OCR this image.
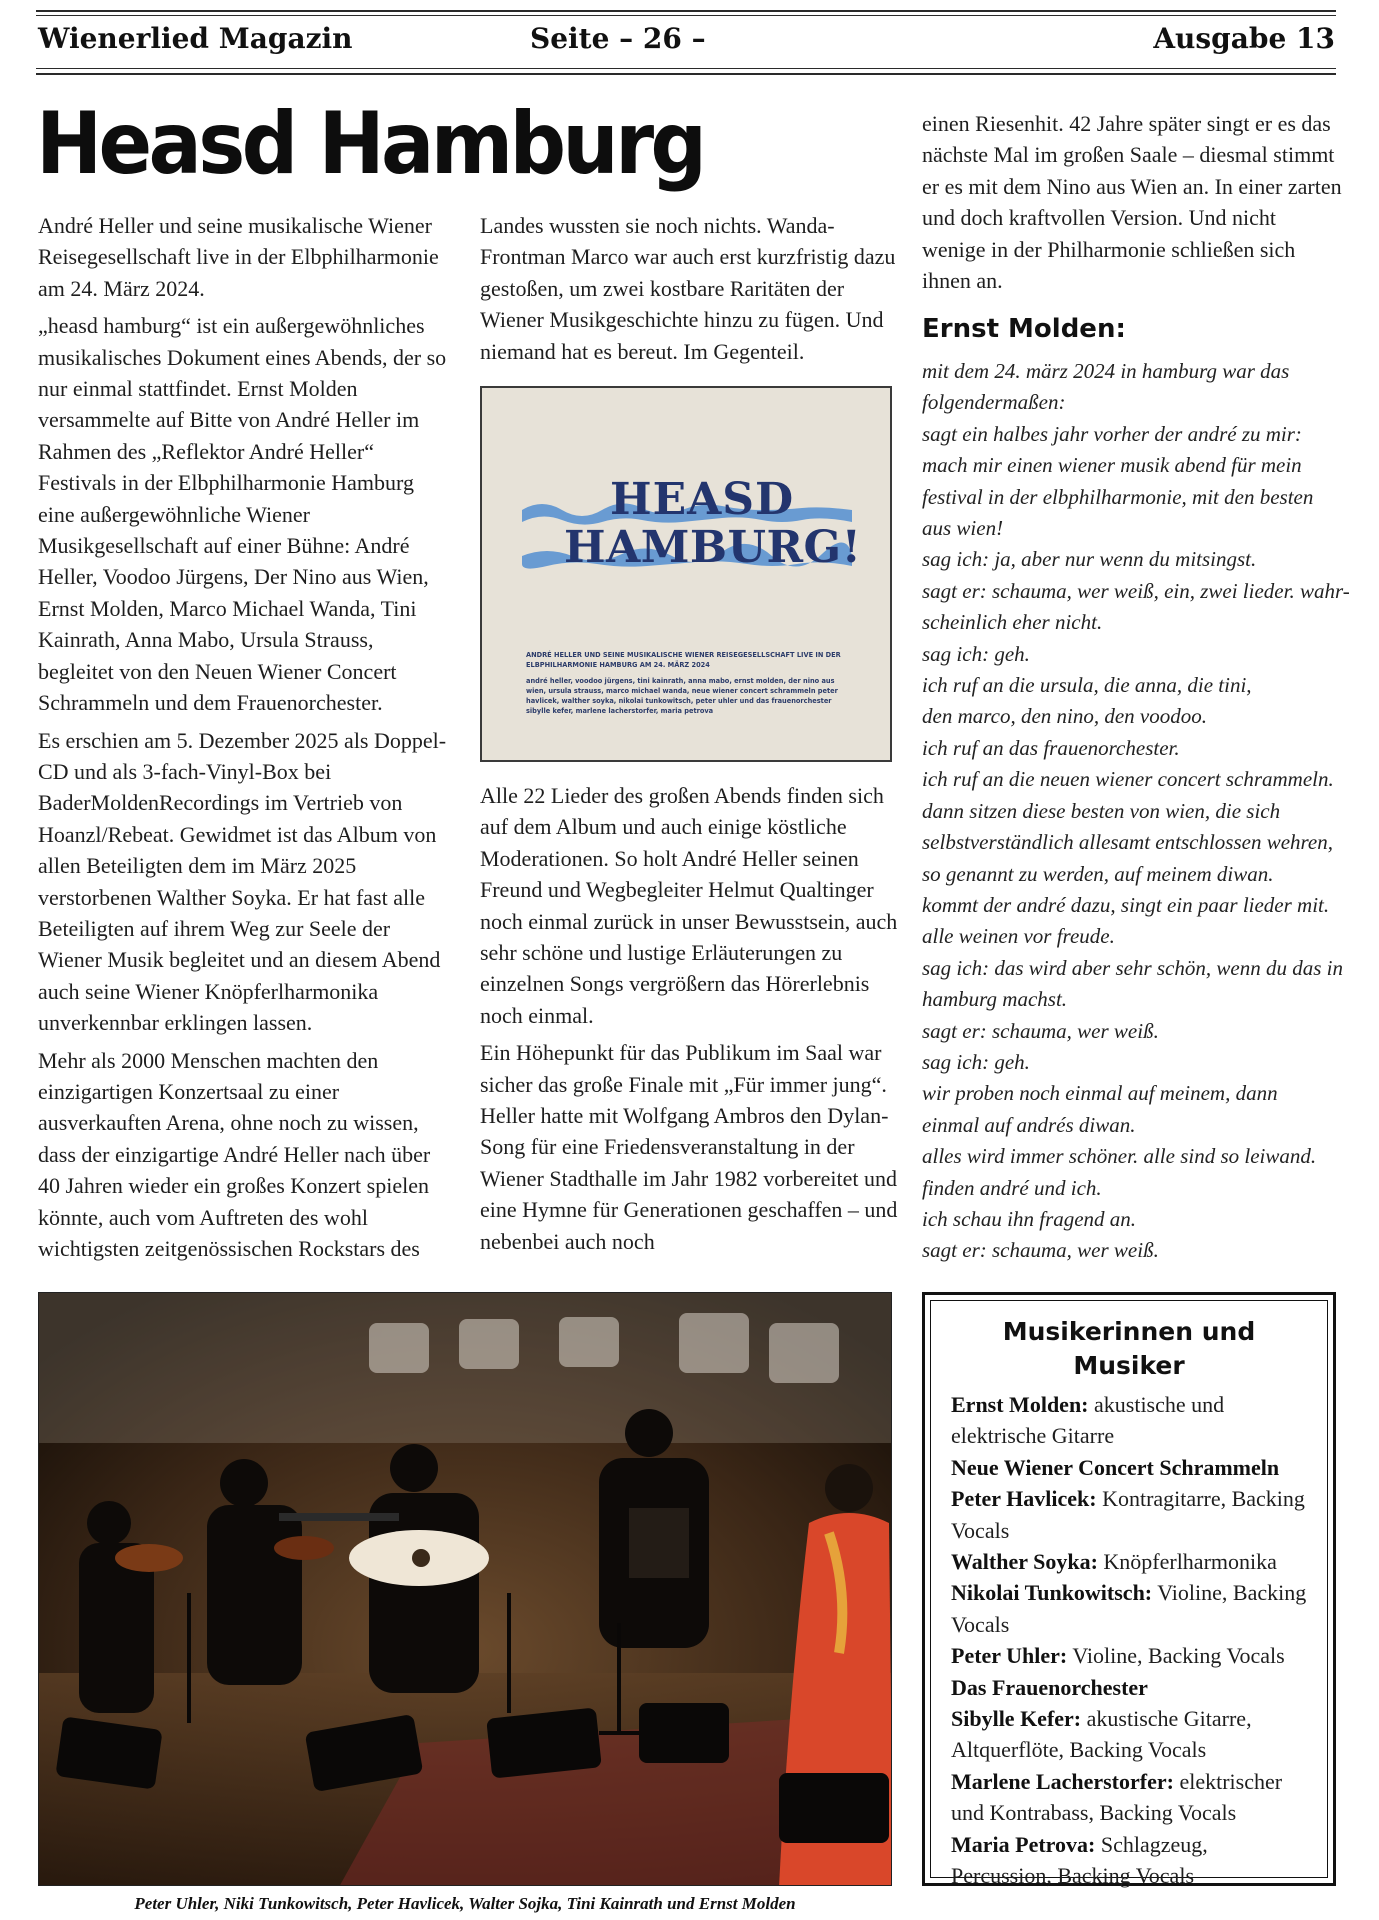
Wienerlied Magazin	Seite – 26 –	Ausgabe 13
Heasd Hamburg

André Heller und seine musikalische Wiener Reisegesellschaft live in der Elbphilharmonie am 24. März 2024.

„heasd hamburg“ ist ein außergewöhnliches musikalisches Dokument eines Abends, der so nur einmal stattfindet. Ernst Molden versammelte auf Bitte von André Heller im Rahmen des „Reflektor André Heller“ Festivals in der Elbphilharmonie Hamburg eine außergewöhnliche Wiener Musikgesellschaft auf einer Bühne: André Heller, Voodoo Jürgens, Der Nino aus Wien, Ernst Molden, Marco Michael Wanda, Tini Kainrath, Anna Mabo, Ursula Strauss, begleitet von den Neuen Wiener Concert Schrammeln und dem Frauenorchester.

Es erschien am 5. Dezember 2025 als Doppel-CD und als 3-fach-Vinyl-Box bei BaderMoldenRecordings im Vertrieb von Hoanzl/Rebeat. Gewidmet ist das Album von allen Beteiligten dem im März 2025 verstorbenen Walther Soyka. Er hat fast alle Beteiligten auf ihrem Weg zur Seele der Wiener Musik begleitet und an diesem Abend auch seine Wiener Knöpferlharmonika unverkennbar erklingen lassen.

Mehr als 2000 Menschen machten den einzigartigen Konzertsaal zu einer ausverkauften Arena, ohne noch zu wissen, dass der einzigartige André Heller nach über 40 Jahren wieder ein großes Konzert spielen könnte, auch vom Auftreten des wohl wichtigsten zeitgenössischen Rockstars des

Landes wussten sie noch nichts. Wanda-Frontman Marco war auch erst kurzfristig dazu gestoßen, um zwei kostbare Raritäten der Wiener Musikgeschichte hinzu zu fügen. Und niemand hat es bereut. Im Gegenteil.

HEASD
HAMBURG!
ANDRÉ HELLER UND SEINE MUSIKALISCHE WIENER REISEGESELLSCHAFT LIVE IN DER ELBPHILHARMONIE HAMBURG AM 24. MÄRZ 2024
andré heller, voodoo jürgens, tini kainrath, anna mabo, ernst molden, der nino aus wien, ursula strauss, marco michael wanda, neue wiener concert schrammeln peter havlicek, walther soyka, nikolai tunkowitsch, peter uhler und das frauenorchester sibylle kefer, marlene lacherstorfer, maria petrova

Alle 22 Lieder des großen Abends finden sich auf dem Album und auch einige köstliche Moderationen. So holt André Heller seinen Freund und Wegbegleiter Helmut Qualtinger noch einmal zurück in unser Bewusstsein, auch sehr schöne und lustige Erläuterungen zu einzelnen Songs vergrößern das Hörerlebnis noch einmal.

Ein Höhepunkt für das Publikum im Saal war sicher das große Finale mit „Für immer jung“. Heller hatte mit Wolfgang Ambros den Dylan-Song für eine Friedensveranstaltung in der Wiener Stadthalle im Jahr 1982 vorbereitet und eine Hymne für Generationen geschaffen – und nebenbei auch noch

einen Riesenhit. 42 Jahre später singt er es das nächste Mal im großen Saale – diesmal stimmt er es mit dem Nino aus Wien an. In einer zarten und doch kraftvollen Version. Und nicht wenige in der Philharmonie schließen sich ihnen an.

Ernst Molden:
mit dem 24. märz 2024 in hamburg war das
folgendermaßen:
sagt ein halbes jahr vorher der andré zu mir:
mach mir einen wiener musik abend für mein
festival in der elbphilharmonie, mit den besten
aus wien!
sag ich: ja, aber nur wenn du mitsingst.
sagt er: schauma, wer weiß, ein, zwei lieder. wahr-
scheinlich eher nicht.
sag ich: geh.
ich ruf an die ursula, die anna, die tini,
den marco, den nino, den voodoo.
ich ruf an das frauenorchester.
ich ruf an die neuen wiener concert schrammeln.
dann sitzen diese besten von wien, die sich
selbstverständlich allesamt entschlossen wehren,
so genannt zu werden, auf meinem diwan.
kommt der andré dazu, singt ein paar lieder mit.
alle weinen vor freude.
sag ich: das wird aber sehr schön, wenn du das in
hamburg machst.
sagt er: schauma, wer weiß.
sag ich: geh.
wir proben noch einmal auf meinem, dann
einmal auf andrés diwan.
alles wird immer schöner. alle sind so leiwand.
finden andré und ich.
ich schau ihn fragend an.
sagt er: schauma, wer weiß.
Peter Uhler, Niki Tunkowitsch, Peter Havlicek, Walter Sojka, Tini Kainrath und Ernst Molden
Musikerinnen und Musiker
Ernst Molden: akustische und elektrische Gitarre
Neue Wiener Concert Schrammeln
Peter Havlicek: Kontragitarre, Backing Vocals
Walther Soyka: Knöpferlharmonika
Nikolai Tunkowitsch: Violine, Backing Vocals
Peter Uhler: Violine, Backing Vocals
Das Frauenorchester
Sibylle Kefer: akustische Gitarre, Altquerflöte, Backing Vocals
Marlene Lacherstorfer: elektrischer und Kontrabass, Backing Vocals
Maria Petrova: Schlagzeug, Percussion, Backing Vocals
